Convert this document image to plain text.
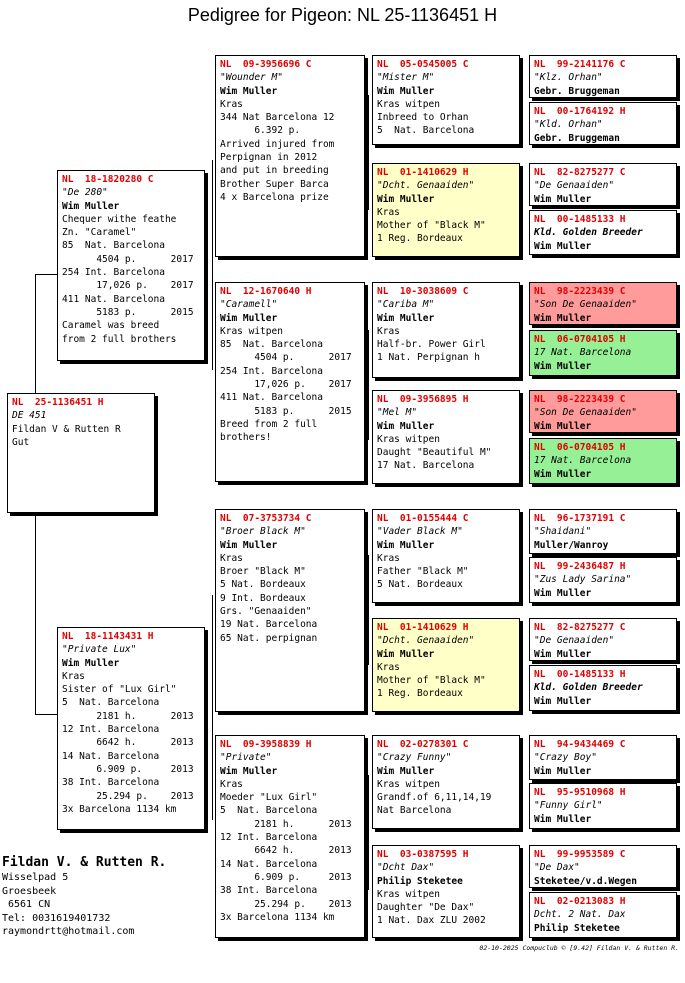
Pedigree for Pigeon: NL 25-1136451 H
NL  25-1136451 H
DE 451
Fildan V & Rutten R
Gut
NL  18-1820280 C
"De 280"
Wim Muller
Chequer withe feathe
Zn. "Caramel"
85  Nat. Barcelona
4504 p.      2017
254 Int. Barcelona
17,026 p.    2017
411 Nat. Barcelona
5183 p.      2015
Caramel was breed
from 2 full brothers
NL  18-1143431 H
"Private Lux"
Wim Muller
Kras
Sister of "Lux Girl"
5  Nat. Barcelona
2181 h.      2013
12 Int. Barcelona
6642 h.      2013
14 Nat. Barcelona
6.909 p.     2013
38 Int. Barcelona
25.294 p.    2013
3x Barcelona 1134 km
NL  09-3956696 C
"Wounder M"
Wim Muller
Kras
344 Nat Barcelona 12
6.392 p.
Arrived injured from
Perpignan in 2012
and put in breeding
Brother Super Barca
4 x Barcelona prize
NL  12-1670640 H
"Caramell"
Wim Muller
Kras witpen
85  Nat. Barcelona
4504 p.      2017
254 Int. Barcelona
17,026 p.    2017
411 Nat. Barcelona
5183 p.      2015
Breed from 2 full
brothers!
NL  07-3753734 C
"Broer Black M"
Wim Muller
Kras
Broer "Black M"
5 Nat. Bordeaux
9 Int. Bordeaux
Grs. "Genaaiden"
19 Nat. Barcelona
65 Nat. perpignan
NL  09-3958839 H
"Private"
Wim Muller
Kras
Moeder "Lux Girl"
5  Nat. Barcelona
2181 h.      2013
12 Int. Barcelona
6642 h.      2013
14 Nat. Barcelona
6.909 p.     2013
38 Int. Barcelona
25.294 p.    2013
3x Barcelona 1134 km
NL  05-0545005 C
"Mister M"
Wim Muller
Kras witpen
Inbreed to Orhan
5  Nat. Barcelona
NL  01-1410629 H
"Dcht. Genaaiden"
Wim Muller
Kras
Mother of "Black M"
1 Reg. Bordeaux
NL  10-3038609 C
"Cariba M"
Wim Muller
Kras
Half-br. Power Girl
1 Nat. Perpignan h
NL  09-3956895 H
"Mel M"
Wim Muller
Kras witpen
Daught "Beautiful M"
17 Nat. Barcelona
NL  01-0155444 C
"Vader Black M"
Wim Muller
Kras
Father "Black M"
5 Nat. Bordeaux
NL  01-1410629 H
"Dcht. Genaaiden"
Wim Muller
Kras
Mother of "Black M"
1 Reg. Bordeaux
NL  02-0278301 C
"Crazy Funny"
Wim Muller
Kras witpen
Grandf.of 6,11,14,19
Nat Barcelona
NL  03-0387595 H
"Dcht Dax"
Philip Steketee
Kras witpen
Daughter "De Dax"
1 Nat. Dax ZLU 2002
NL  99-2141176 C
"Klz. Orhan"
Gebr. Bruggeman
NL  00-1764192 H
"Kld. Orhan"
Gebr. Bruggeman
NL  82-8275277 C
"De Genaaiden"
Wim Muller
NL  00-1485133 H
Kld. Golden Breeder
Wim Muller
NL  98-2223439 C
"Son De Genaaiden"
Wim Muller
NL  06-0704105 H
17 Nat. Barcelona
Wim Muller
NL  98-2223439 C
"Son De Genaaiden"
Wim Muller
NL  06-0704105 H
17 Nat. Barcelona
Wim Muller
NL  96-1737191 C
"Shaidani"
Muller/Wanroy
NL  99-2436487 H
"Zus Lady Sarina"
Wim Muller
NL  82-8275277 C
"De Genaaiden"
Wim Muller
NL  00-1485133 H
Kld. Golden Breeder
Wim Muller
NL  94-9434469 C
"Crazy Boy"
Wim Muller
NL  95-9510968 H
"Funny Girl"
Wim Muller
NL  99-9953589 C
"De Dax"
Steketee/v.d.Wegen
NL  02-0213083 H
Dcht. 2 Nat. Dax
Philip Steketee
Fildan V. & Rutten R.
Wisselpad 5
Groesbeek
6561 CN
Tel: 0031619401732
raymondrtt@hotmail.com
02-10-2025 Compuclub © [9.42] Fildan V. & Rutten R.
